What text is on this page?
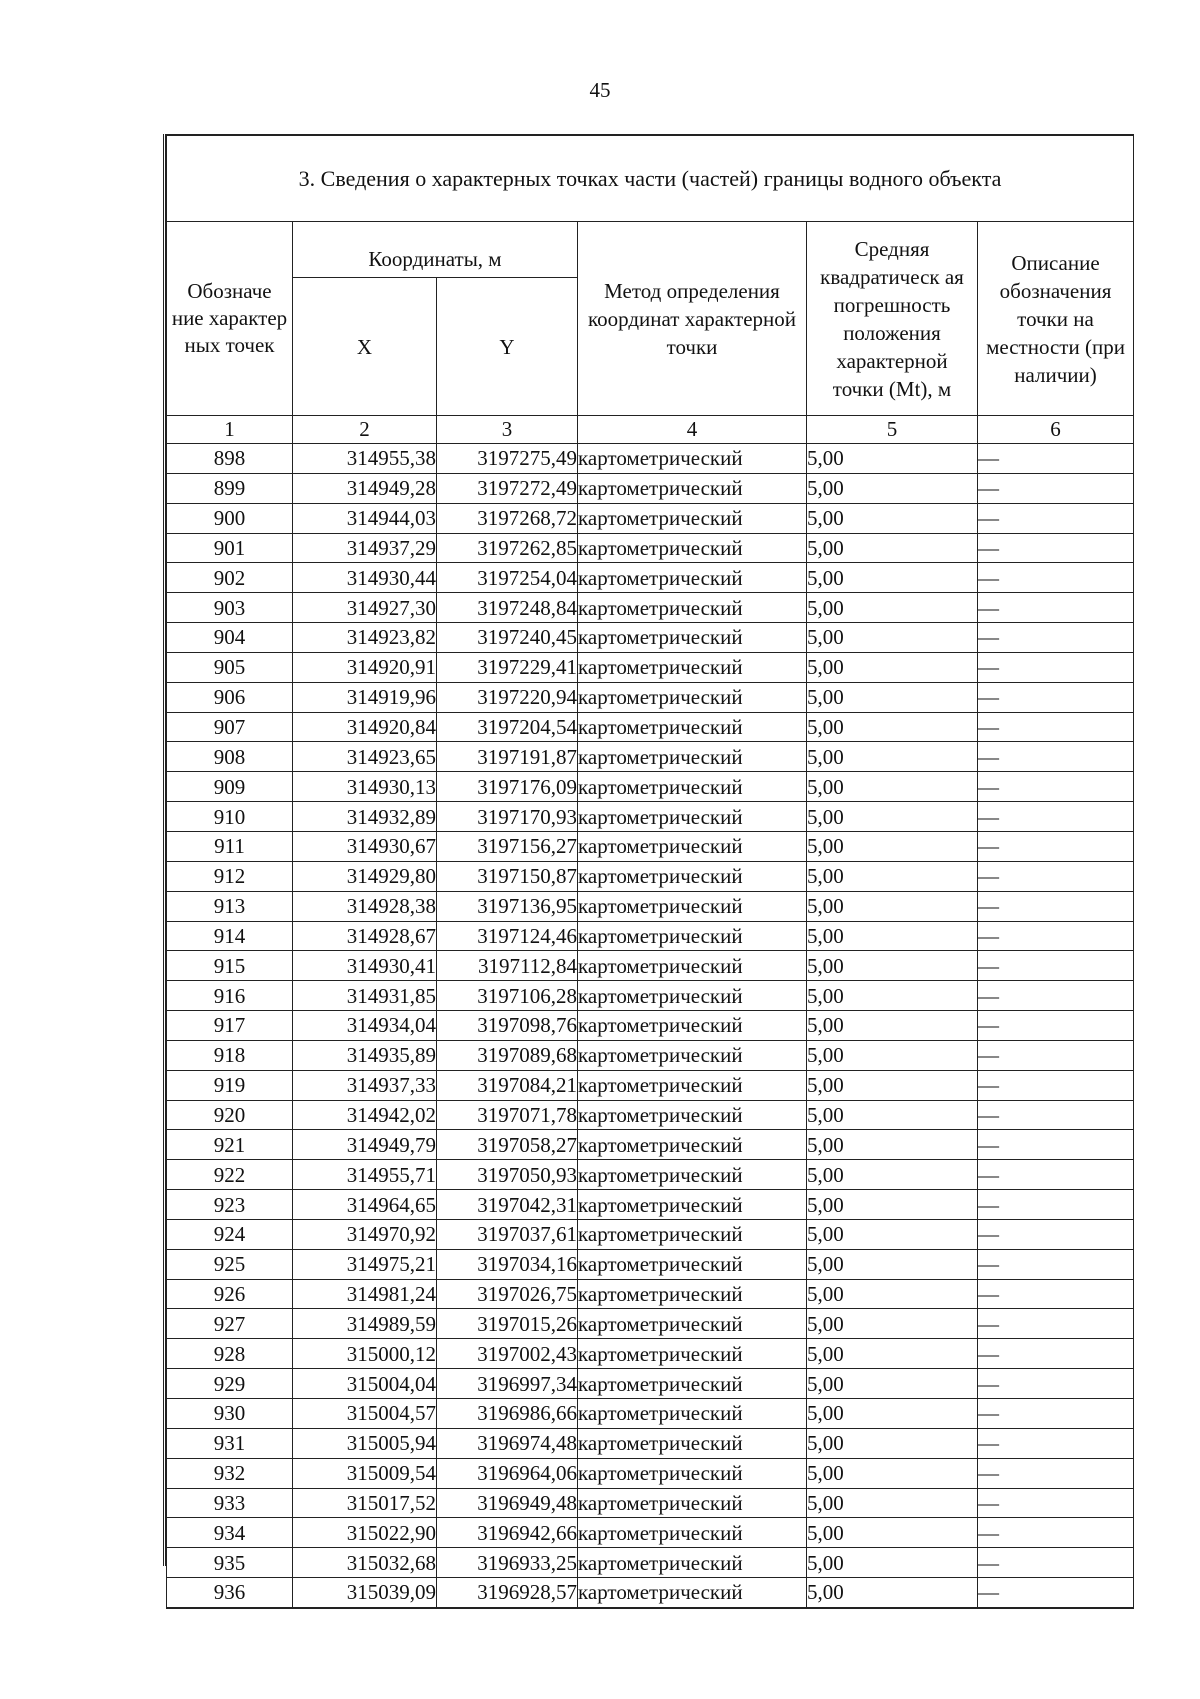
45
3. Сведения о характерных точках части (частей) границы водного объекта					
Обозначе ние характер ных точек	Координаты, м		Метод определения координат характерной точки	Средняя квадратическ ая погрешность положения характерной точки (Mt), м	Описание обозначения точки на местности (при наличии)
	X	Y			
1	2	3	4	5	6
898	314955,38	3197275,49	картометрический	5,00	—
899	314949,28	3197272,49	картометрический	5,00	—
900	314944,03	3197268,72	картометрический	5,00	—
901	314937,29	3197262,85	картометрический	5,00	—
902	314930,44	3197254,04	картометрический	5,00	—
903	314927,30	3197248,84	картометрический	5,00	—
904	314923,82	3197240,45	картометрический	5,00	—
905	314920,91	3197229,41	картометрический	5,00	—
906	314919,96	3197220,94	картометрический	5,00	—
907	314920,84	3197204,54	картометрический	5,00	—
908	314923,65	3197191,87	картометрический	5,00	—
909	314930,13	3197176,09	картометрический	5,00	—
910	314932,89	3197170,93	картометрический	5,00	—
911	314930,67	3197156,27	картометрический	5,00	—
912	314929,80	3197150,87	картометрический	5,00	—
913	314928,38	3197136,95	картометрический	5,00	—
914	314928,67	3197124,46	картометрический	5,00	—
915	314930,41	3197112,84	картометрический	5,00	—
916	314931,85	3197106,28	картометрический	5,00	—
917	314934,04	3197098,76	картометрический	5,00	—
918	314935,89	3197089,68	картометрический	5,00	—
919	314937,33	3197084,21	картометрический	5,00	—
920	314942,02	3197071,78	картометрический	5,00	—
921	314949,79	3197058,27	картометрический	5,00	—
922	314955,71	3197050,93	картометрический	5,00	—
923	314964,65	3197042,31	картометрический	5,00	—
924	314970,92	3197037,61	картометрический	5,00	—
925	314975,21	3197034,16	картометрический	5,00	—
926	314981,24	3197026,75	картометрический	5,00	—
927	314989,59	3197015,26	картометрический	5,00	—
928	315000,12	3197002,43	картометрический	5,00	—
929	315004,04	3196997,34	картометрический	5,00	—
930	315004,57	3196986,66	картометрический	5,00	—
931	315005,94	3196974,48	картометрический	5,00	—
932	315009,54	3196964,06	картометрический	5,00	—
933	315017,52	3196949,48	картометрический	5,00	—
934	315022,90	3196942,66	картометрический	5,00	—
935	315032,68	3196933,25	картометрический	5,00	—
936	315039,09	3196928,57	картометрический	5,00	—
